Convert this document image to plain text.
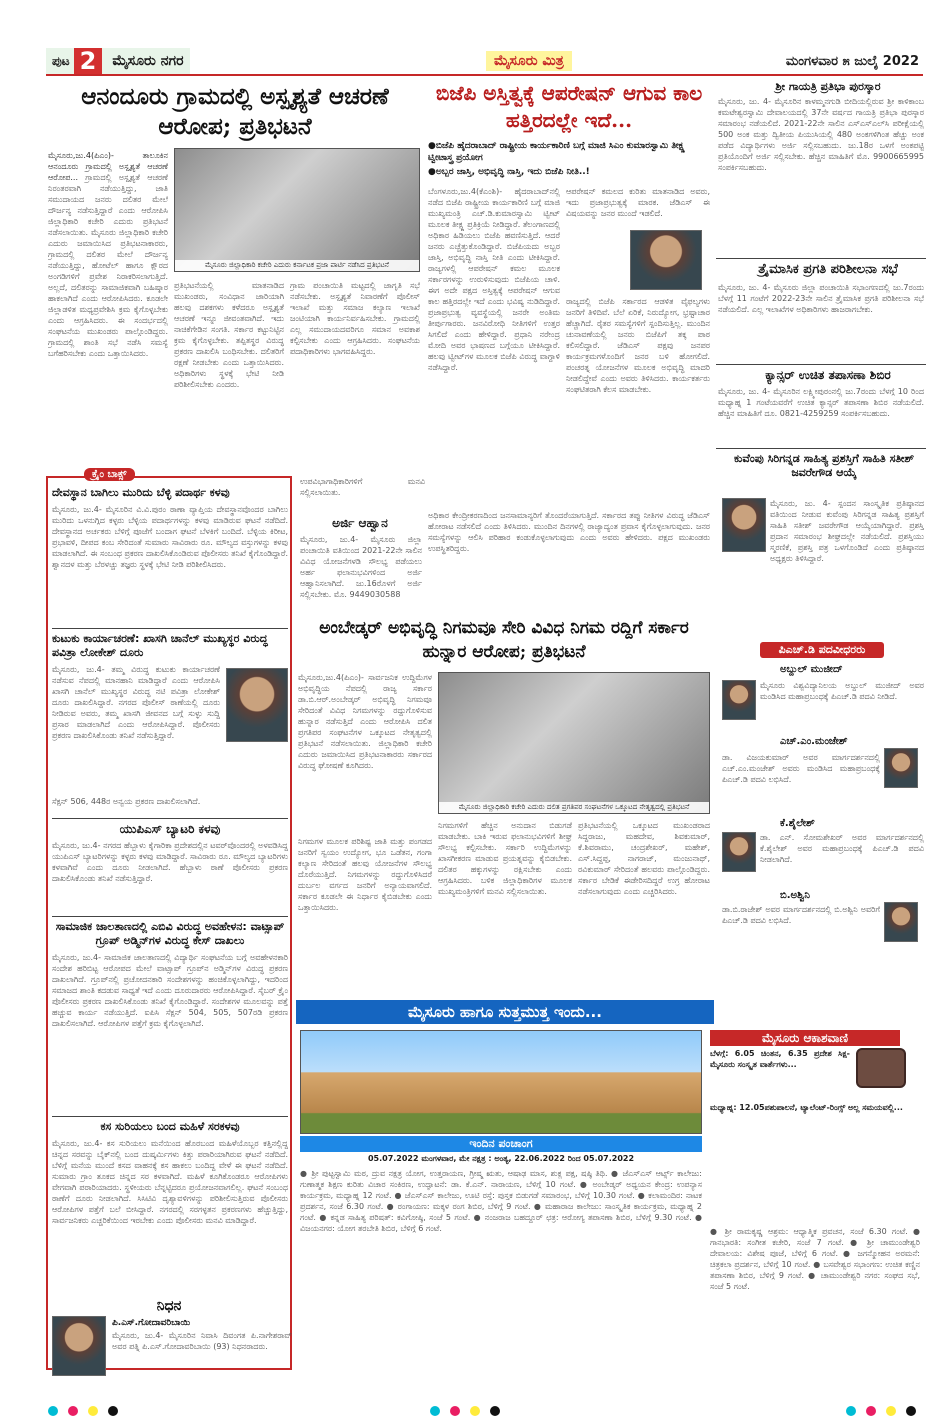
ಪುಟ 2	ಮೈಸೂರು ನಗರ	ಮೈಸೂರು ಮಿತ್ರ	ಮಂಗಳವಾರ ೫ ಜುಲೈ 2022
ಆನಂದೂರು ಗ್ರಾಮದಲ್ಲಿ ಅಸ್ಪೃಶ್ಯತೆ ಆಚರಣೆ ಆರೋಪ; ಪ್ರತಿಭಟನೆ
ಮೈಸೂರು,ಜು.4(ಪಿಎಂ)- ತಾಲೂಕಿನ ಆನಂದೂರು ಗ್ರಾಮದಲ್ಲಿ ಅಸ್ಪೃಶ್ಯತೆ ಆಚರಣೆ ಆರೋಪ... ಗ್ರಾಮದಲ್ಲಿ ಅಸ್ಪೃಶ್ಯತೆ ಆಚರಣೆ ನಿರಂತರವಾಗಿ ನಡೆಯುತ್ತಿದ್ದು, ಜಾತಿ ಸಮುದಾಯದ ಜನರು ದಲಿತರ ಮೇಲೆ ದೌರ್ಜನ್ಯ ನಡೆಸುತ್ತಿದ್ದಾರೆ ಎಂದು ಆರೋಪಿಸಿ ಜಿಲ್ಲಾಧಿಕಾರಿ ಕಚೇರಿ ಎದುರು ಪ್ರತಿಭಟನೆ ನಡೆಸಲಾಯಿತು. ಮೈಸೂರು ಜಿಲ್ಲಾಧಿಕಾರಿ ಕಚೇರಿ ಎದುರು ಜಮಾಯಿಸಿದ ಪ್ರತಿಭಟನಾಕಾರರು, ಗ್ರಾಮದಲ್ಲಿ ದಲಿತರ ಮೇಲೆ ದೌರ್ಜನ್ಯ ನಡೆಯುತ್ತಿದ್ದು, ಹೋಟೆಲ್ ಹಾಗೂ ಕ್ಷೌರದ ಅಂಗಡಿಗಳಿಗೆ ಪ್ರವೇಶ ನಿರಾಕರಿಸಲಾಗುತ್ತಿದೆ. ಅಲ್ಲದೆ, ದಲಿತರನ್ನು ಸಾಮಾಜಿಕವಾಗಿ ಬಹಿಷ್ಕಾರ ಹಾಕಲಾಗಿದೆ ಎಂದು ಆರೋಪಿಸಿದರು. ಕೂಡಲೇ ಜಿಲ್ಲಾಡಳಿತ ಮಧ್ಯಪ್ರವೇಶಿಸಿ ಕ್ರಮ ಕೈಗೊಳ್ಳಬೇಕು ಎಂದು ಆಗ್ರಹಿಸಿದರು. ಈ ಸಂದರ್ಭದಲ್ಲಿ ಸಂಘಟನೆಯ ಮುಖಂಡರು ಪಾಲ್ಗೊಂಡಿದ್ದರು. ಗ್ರಾಮದಲ್ಲಿ ಶಾಂತಿ ಸಭೆ ನಡೆಸಿ ಸಮಸ್ಯೆ ಬಗೆಹರಿಸಬೇಕು ಎಂದು ಒತ್ತಾಯಿಸಿದರು.
ಮೈಸೂರು ಜಿಲ್ಲಾಧಿಕಾರಿ ಕಚೇರಿ ಎದುರು ಕರ್ನಾಟಕ ಪ್ರಜಾ ಪಾರ್ಟಿ ನಡೆಸಿದ ಪ್ರತಿಭಟನೆ
ಪ್ರತಿಭಟನೆಯಲ್ಲಿ ಮಾತನಾಡಿದ ಮುಖಂಡರು, ಸಂವಿಧಾನ ಜಾರಿಯಾಗಿ ಹಲವು ದಶಕಗಳು ಕಳೆದರೂ ಅಸ್ಪೃಶ್ಯತೆ ಆಚರಣೆ ಇನ್ನೂ ಜೀವಂತವಾಗಿದೆ. ಇದು ನಾಚಿಕೆಗೇಡಿನ ಸಂಗತಿ. ಸರ್ಕಾರ ಕಟ್ಟುನಿಟ್ಟಿನ ಕ್ರಮ ಕೈಗೊಳ್ಳಬೇಕು. ತಪ್ಪಿತಸ್ಥರ ವಿರುದ್ಧ ಪ್ರಕರಣ ದಾಖಲಿಸಿ ಬಂಧಿಸಬೇಕು. ದಲಿತರಿಗೆ ರಕ್ಷಣೆ ನೀಡಬೇಕು ಎಂದು ಒತ್ತಾಯಿಸಿದರು. ಅಧಿಕಾರಿಗಳು ಸ್ಥಳಕ್ಕೆ ಭೇಟಿ ನೀಡಿ ಪರಿಶೀಲಿಸಬೇಕು ಎಂದರು.
ಗ್ರಾಮ ಪಂಚಾಯಿತಿ ಮಟ್ಟದಲ್ಲಿ ಜಾಗೃತಿ ಸಭೆ ನಡೆಸಬೇಕು. ಅಸ್ಪೃಶ್ಯತೆ ನಿವಾರಣೆಗೆ ಪೊಲೀಸ್ ಇಲಾಖೆ ಮತ್ತು ಸಮಾಜ ಕಲ್ಯಾಣ ಇಲಾಖೆ ಜಂಟಿಯಾಗಿ ಕಾರ್ಯನಿರ್ವಹಿಸಬೇಕು. ಗ್ರಾಮದಲ್ಲಿ ಎಲ್ಲ ಸಮುದಾಯದವರಿಗೂ ಸಮಾನ ಅವಕಾಶ ಕಲ್ಪಿಸಬೇಕು ಎಂದು ಆಗ್ರಹಿಸಿದರು. ಸಂಘಟನೆಯ ಪದಾಧಿಕಾರಿಗಳು ಭಾಗವಹಿಸಿದ್ದರು.
ಬಿಜೆಪಿ ಅಸ್ತಿತ್ವಕ್ಕೆ ಆಪರೇಷನ್ ಆಗುವ ಕಾಲ ಹತ್ತಿರದಲ್ಲೇ ಇದೆ...
●ಬಿಜೆಪಿ ಹೈದರಾಬಾದ್ ರಾಷ್ಟ್ರೀಯ ಕಾರ್ಯಕಾರಿಣಿ ಬಗ್ಗೆ ಮಾಜಿ ಸಿಎಂ ಕುಮಾರಸ್ವಾಮಿ ತೀಕ್ಷ್ಣ ಟ್ವೀಟಾಸ್ತ್ರ ಪ್ರಯೋಗ
●ಅಬ್ಬರ ಜಾಸ್ತಿ, ಅಭಿವೃದ್ಧಿ ನಾಸ್ತಿ, ಇದು ಬಿಜೆಪಿ ನೀತಿ..!
ಬೆಂಗಳೂರು,ಜು.4(ಕೆಎಂಶಿ)- ಹೈದರಾಬಾದ್‌ನಲ್ಲಿ ನಡೆದ ಬಿಜೆಪಿ ರಾಷ್ಟ್ರೀಯ ಕಾರ್ಯಕಾರಿಣಿ ಬಗ್ಗೆ ಮಾಜಿ ಮುಖ್ಯಮಂತ್ರಿ ಎಚ್.ಡಿ.ಕುಮಾರಸ್ವಾಮಿ ಟ್ವೀಟ್ ಮೂಲಕ ತೀಕ್ಷ್ಣ ಪ್ರತಿಕ್ರಿಯೆ ನೀಡಿದ್ದಾರೆ. ತೆಲಂಗಾಣದಲ್ಲಿ ಅಧಿಕಾರ ಹಿಡಿಯಲು ಬಿಜೆಪಿ ಹವಣಿಸುತ್ತಿದೆ. ಆದರೆ ಜನರು ಎಚ್ಚೆತ್ತುಕೊಂಡಿದ್ದಾರೆ. ಬಿಜೆಪಿಯದು ಅಬ್ಬರ ಜಾಸ್ತಿ, ಅಭಿವೃದ್ಧಿ ನಾಸ್ತಿ ನೀತಿ ಎಂದು ಟೀಕಿಸಿದ್ದಾರೆ. ರಾಜ್ಯಗಳಲ್ಲಿ ಆಪರೇಷನ್ ಕಮಲ ಮೂಲಕ ಸರ್ಕಾರಗಳನ್ನು ಉರುಳಿಸುವುದು ಬಿಜೆಪಿಯ ಚಾಳಿ. ಈಗ ಅದೇ ಪಕ್ಷದ ಅಸ್ತಿತ್ವಕ್ಕೆ ಆಪರೇಷನ್ ಆಗುವ ಕಾಲ ಹತ್ತಿರದಲ್ಲೇ ಇದೆ ಎಂದು ಭವಿಷ್ಯ ನುಡಿದಿದ್ದಾರೆ. ಪ್ರಜಾಪ್ರಭುತ್ವ ವ್ಯವಸ್ಥೆಯಲ್ಲಿ ಜನರೇ ಅಂತಿಮ ತೀರ್ಪುಗಾರರು. ಜನವಿರೋಧಿ ನೀತಿಗಳಿಗೆ ಉತ್ತರ ಸಿಗಲಿದೆ ಎಂದು ಹೇಳಿದ್ದಾರೆ. ಪ್ರಧಾನಿ ನರೇಂದ್ರ ಮೋದಿ ಅವರ ಭಾಷಣದ ಬಗ್ಗೆಯೂ ಟೀಕಿಸಿದ್ದಾರೆ. ಹಲವು ಟ್ವೀಟ್‌ಗಳ ಮೂಲಕ ಬಿಜೆಪಿ ವಿರುದ್ಧ ವಾಗ್ದಾಳಿ ನಡೆಸಿದ್ದಾರೆ.
ಆಪರೇಷನ್ ಕಮಲದ ಕುರಿತು ಮಾತನಾಡಿದ ಅವರು, ಇದು ಪ್ರಜಾಪ್ರಭುತ್ವಕ್ಕೆ ಮಾರಕ. ಜೆಡಿಎಸ್ ಈ ವಿಷಯವನ್ನು ಜನರ ಮುಂದೆ ಇಡಲಿದೆ.
ರಾಜ್ಯದಲ್ಲಿ ಬಿಜೆಪಿ ಸರ್ಕಾರದ ಆಡಳಿತ ವೈಫಲ್ಯಗಳು ಜನರಿಗೆ ತಿಳಿದಿವೆ. ಬೆಲೆ ಏರಿಕೆ, ನಿರುದ್ಯೋಗ, ಭ್ರಷ್ಟಾಚಾರ ಹೆಚ್ಚಾಗಿದೆ. ರೈತರ ಸಮಸ್ಯೆಗಳಿಗೆ ಸ್ಪಂದಿಸುತ್ತಿಲ್ಲ. ಮುಂದಿನ ಚುನಾವಣೆಯಲ್ಲಿ ಜನರು ಬಿಜೆಪಿಗೆ ತಕ್ಕ ಪಾಠ ಕಲಿಸಲಿದ್ದಾರೆ. ಜೆಡಿಎಸ್ ಪಕ್ಷವು ಜನಪರ ಕಾರ್ಯಕ್ರಮಗಳೊಂದಿಗೆ ಜನರ ಬಳಿ ಹೋಗಲಿದೆ. ಪಂಚರತ್ನ ಯೋಜನೆಗಳ ಮೂಲಕ ಅಭಿವೃದ್ಧಿ ಮಾದರಿ ನೀಡಲಿದ್ದೇವೆ ಎಂದು ಅವರು ತಿಳಿಸಿದರು. ಕಾರ್ಯಕರ್ತರು ಸಂಘಟಿತರಾಗಿ ಕೆಲಸ ಮಾಡಬೇಕು.
ಶ್ರೀ ಗಾಯತ್ರಿ ಪ್ರತಿಭಾ ಪುರಸ್ಕಾರ
ಮೈಸೂರು, ಜು. 4- ಮೈಸೂರಿನ ಕಾಳಮ್ಮನಗುಡಿ ಬೀದಿಯಲ್ಲಿರುವ ಶ್ರೀ ಕಾಳಿಕಾಂಬ ಕಮಟೇಶ್ವರಸ್ವಾಮಿ ದೇವಾಲಯದಲ್ಲಿ 37ನೇ ವರ್ಷದ ಗಾಯತ್ರಿ ಪ್ರತಿಭಾ ಪುರಸ್ಕಾರ ಸಮಾರಂಭ ನಡೆಯಲಿದೆ. 2021-22ನೇ ಸಾಲಿನ ಎಸ್‌ಎಸ್‌ಎಲ್‌ಸಿ ಪರೀಕ್ಷೆಯಲ್ಲಿ 500 ಅಂಕ ಮತ್ತು ದ್ವಿತೀಯ ಪಿಯುಸಿಯಲ್ಲಿ 480 ಅಂಕಗಳಿಗಿಂತ ಹೆಚ್ಚು ಅಂಕ ಪಡೆದ ವಿದ್ಯಾರ್ಥಿಗಳು ಅರ್ಜಿ ಸಲ್ಲಿಸಬಹುದು. ಜು.18ರ ಒಳಗೆ ಅಂಕಪಟ್ಟಿ ಪ್ರತಿಯೊಂದಿಗೆ ಅರ್ಜಿ ಸಲ್ಲಿಸಬೇಕು. ಹೆಚ್ಚಿನ ಮಾಹಿತಿಗೆ ಮೊ. 9900665995 ಸಂಪರ್ಕಿಸಬಹುದು.
ತ್ರೈಮಾಸಿಕ ಪ್ರಗತಿ ಪರಿಶೀಲನಾ ಸಭೆ
ಮೈಸೂರು, ಜು. 4- ಮೈಸೂರು ಜಿಲ್ಲಾ ಪಂಚಾಯಿತಿ ಸಭಾಂಗಣದಲ್ಲಿ ಜು.7ರಂದು ಬೆಳಗ್ಗೆ 11 ಗಂಟೆಗೆ 2022-23ನೇ ಸಾಲಿನ ತ್ರೈಮಾಸಿಕ ಪ್ರಗತಿ ಪರಿಶೀಲನಾ ಸಭೆ ನಡೆಯಲಿದೆ. ಎಲ್ಲ ಇಲಾಖೆಗಳ ಅಧಿಕಾರಿಗಳು ಹಾಜರಾಗಬೇಕು.
ಕ್ಯಾನ್ಸರ್ ಉಚಿತ ತಪಾಸಣಾ ಶಿಬಿರ
ಮೈಸೂರು, ಜು. 4- ಮೈಸೂರಿನ ಲಕ್ಷ್ಮೀಪುರಂನಲ್ಲಿ ಜು.7ರಂದು ಬೆಳಗ್ಗೆ 10 ರಿಂದ ಮಧ್ಯಾಹ್ನ 1 ಗಂಟೆಯವರೆಗೆ ಉಚಿತ ಕ್ಯಾನ್ಸರ್ ತಪಾಸಣಾ ಶಿಬಿರ ನಡೆಯಲಿದೆ. ಹೆಚ್ಚಿನ ಮಾಹಿತಿಗೆ ದೂ. 0821-4259259 ಸಂಪರ್ಕಿಸಬಹುದು.
ಕುವೆಂಪು ಸಿರಿಗನ್ನಡ ಸಾಹಿತ್ಯ ಪ್ರಶಸ್ತಿಗೆ ಸಾಹಿತಿ ಸತೀಶ್ ಜವರೇಗೌಡ ಆಯ್ಕೆ
ಮೈಸೂರು, ಜು. 4- ಸ್ಪಂದನ ಸಾಂಸ್ಕೃತಿಕ ಪ್ರತಿಷ್ಠಾನದ ವತಿಯಿಂದ ನೀಡುವ ಕುವೆಂಪು ಸಿರಿಗನ್ನಡ ಸಾಹಿತ್ಯ ಪ್ರಶಸ್ತಿಗೆ ಸಾಹಿತಿ ಸತೀಶ್ ಜವರೇಗೌಡ ಆಯ್ಕೆಯಾಗಿದ್ದಾರೆ. ಪ್ರಶಸ್ತಿ ಪ್ರದಾನ ಸಮಾರಂಭ ಶೀಘ್ರದಲ್ಲೇ ನಡೆಯಲಿದೆ. ಪ್ರಶಸ್ತಿಯು ಸ್ಮರಣಿಕೆ, ಪ್ರಶಸ್ತಿ ಪತ್ರ ಒಳಗೊಂಡಿದೆ ಎಂದು ಪ್ರತಿಷ್ಠಾನದ ಅಧ್ಯಕ್ಷರು ತಿಳಿಸಿದ್ದಾರೆ.
ಪಿಎಚ್.ಡಿ ಪದವೀಧರರು
ಅಬ್ದುಲ್ ಮುಜೀದ್
ಮೈಸೂರು ವಿಶ್ವವಿದ್ಯಾನಿಲಯ ಅಬ್ದುಲ್ ಮುಜೀದ್ ಅವರ ಮಂಡಿಸಿದ ಮಹಾಪ್ರಬಂಧಕ್ಕೆ ಪಿಎಚ್.ಡಿ ಪದವಿ ನೀಡಿದೆ.
ಎಚ್.ಎಂ.ಮಂಜೇಶ್
ಡಾ. ವಿಜಯಕುಮಾರ್ ಅವರ ಮಾರ್ಗದರ್ಶನದಲ್ಲಿ ಎಚ್.ಎಂ.ಮಂಜೇಶ್ ಅವರು ಮಂಡಿಸಿದ ಮಹಾಪ್ರಬಂಧಕ್ಕೆ ಪಿಎಚ್.ಡಿ ಪದವಿ ಲಭಿಸಿದೆ.
ಕೆ.ಶೈಲೇಶ್
ಡಾ. ಎನ್. ಸೋಮಶೇಖರ್ ಅವರ ಮಾರ್ಗದರ್ಶನದಲ್ಲಿ ಕೆ.ಶೈಲೇಶ್ ಅವರ ಮಹಾಪ್ರಬಂಧಕ್ಕೆ ಪಿಎಚ್.ಡಿ ಪದವಿ ನೀಡಲಾಗಿದೆ.
ಬಿ.ಅಶ್ವಿನಿ
ಡಾ.ಬಿ.ರಾಜೇಶ್ ಅವರ ಮಾರ್ಗದರ್ಶನದಲ್ಲಿ ಬಿ.ಅಶ್ವಿನಿ ಅವರಿಗೆ ಪಿಎಚ್.ಡಿ ಪದವಿ ಲಭಿಸಿದೆ.
ಕ್ರೈಂ ಬಾಕ್ಸ್
ದೇವಸ್ಥಾನ ಬಾಗಿಲು ಮುರಿದು ಬೆಳ್ಳಿ ಪದಾರ್ಥ ಕಳವು
ಮೈಸೂರು, ಜು.4- ಮೈಸೂರಿನ ವಿ.ವಿ.ಪುರಂ ಠಾಣಾ ವ್ಯಾಪ್ತಿಯ ದೇವಸ್ಥಾನವೊಂದರ ಬಾಗಿಲು ಮುರಿದು ಒಳನುಗ್ಗಿದ ಕಳ್ಳರು ಬೆಳ್ಳಿಯ ಪದಾರ್ಥಗಳನ್ನು ಕಳವು ಮಾಡಿರುವ ಘಟನೆ ನಡೆದಿದೆ. ದೇವಸ್ಥಾನದ ಅರ್ಚಕರು ಬೆಳಿಗ್ಗೆ ಪೂಜೆಗೆ ಬಂದಾಗ ಘಟನೆ ಬೆಳಕಿಗೆ ಬಂದಿದೆ. ಬೆಳ್ಳಿಯ ಕಿರೀಟ, ಪ್ರಭಾವಳಿ, ದೀಪದ ಕಂಬ ಸೇರಿದಂತೆ ಸುಮಾರು ಸಾವಿರಾರು ರೂ. ಮೌಲ್ಯದ ವಸ್ತುಗಳನ್ನು ಕಳವು ಮಾಡಲಾಗಿದೆ. ಈ ಸಂಬಂಧ ಪ್ರಕರಣ ದಾಖಲಿಸಿಕೊಂಡಿರುವ ಪೊಲೀಸರು ತನಿಖೆ ಕೈಗೊಂಡಿದ್ದಾರೆ. ಶ್ವಾನದಳ ಮತ್ತು ಬೆರಳಚ್ಚು ತಜ್ಞರು ಸ್ಥಳಕ್ಕೆ ಭೇಟಿ ನೀಡಿ ಪರಿಶೀಲಿಸಿದರು.
ಕುಟುಕು ಕಾರ್ಯಾಚರಣೆ: ಖಾಸಗಿ ಚಾನೆಲ್ ಮುಖ್ಯಸ್ಥರ ವಿರುದ್ಧ ಪವಿತ್ರಾ ಲೋಕೇಶ್ ದೂರು
ಮೈಸೂರು, ಜು.4- ತಮ್ಮ ವಿರುದ್ಧ ಕುಟುಕು ಕಾರ್ಯಾಚರಣೆ ನಡೆಸುವ ನೆಪದಲ್ಲಿ ಮಾನಹಾನಿ ಮಾಡಿದ್ದಾರೆ ಎಂದು ಆರೋಪಿಸಿ ಖಾಸಗಿ ಚಾನೆಲ್ ಮುಖ್ಯಸ್ಥರ ವಿರುದ್ಧ ನಟಿ ಪವಿತ್ರಾ ಲೋಕೇಶ್ ದೂರು ದಾಖಲಿಸಿದ್ದಾರೆ. ನಗರದ ಪೊಲೀಸ್ ಠಾಣೆಯಲ್ಲಿ ದೂರು ನೀಡಿರುವ ಅವರು, ತಮ್ಮ ಖಾಸಗಿ ಜೀವನದ ಬಗ್ಗೆ ಸುಳ್ಳು ಸುದ್ದಿ ಪ್ರಸಾರ ಮಾಡಲಾಗಿದೆ ಎಂದು ಆರೋಪಿಸಿದ್ದಾರೆ. ಪೊಲೀಸರು ಪ್ರಕರಣ ದಾಖಲಿಸಿಕೊಂಡು ತನಿಖೆ ನಡೆಸುತ್ತಿದ್ದಾರೆ.
ಸೆಕ್ಷನ್ 506, 448ರ ಅನ್ವಯ ಪ್ರಕರಣ ದಾಖಲಿಸಲಾಗಿದೆ.
ಯುಪಿಎಸ್ ಬ್ಯಾಟರಿ ಕಳವು
ಮೈಸೂರು, ಜು.4- ನಗರದ ಹೆಬ್ಬಾಳು ಕೈಗಾರಿಕಾ ಪ್ರದೇಶದಲ್ಲಿನ ಟವರ್‌ವೊಂದರಲ್ಲಿ ಅಳವಡಿಸಿದ್ದ ಯುಪಿಎಸ್ ಬ್ಯಾಟರಿಗಳನ್ನು ಕಳ್ಳರು ಕಳವು ಮಾಡಿದ್ದಾರೆ. ಸಾವಿರಾರು ರೂ. ಮೌಲ್ಯದ ಬ್ಯಾಟರಿಗಳು ಕಳವಾಗಿವೆ ಎಂದು ದೂರು ನೀಡಲಾಗಿದೆ. ಹೆಬ್ಬಾಳು ಠಾಣೆ ಪೊಲೀಸರು ಪ್ರಕರಣ ದಾಖಲಿಸಿಕೊಂಡು ತನಿಖೆ ನಡೆಸುತ್ತಿದ್ದಾರೆ.
ಸಾಮಾಜಿಕ ಜಾಲತಾಣದಲ್ಲಿ ಎಬಿವಿ ವಿರುದ್ಧ ಅವಹೇಳನ: ವಾಟ್ಸಾಪ್ ಗ್ರೂಪ್ ಅಡ್ಮಿನ್‌ಗಳ ವಿರುದ್ಧ ಕೇಸ್ ದಾಖಲು
ಮೈಸೂರು, ಜು.4- ಸಾಮಾಜಿಕ ಜಾಲತಾಣದಲ್ಲಿ ವಿದ್ಯಾರ್ಥಿ ಸಂಘಟನೆಯ ಬಗ್ಗೆ ಅವಹೇಳನಕಾರಿ ಸಂದೇಶ ಹರಿಬಿಟ್ಟ ಆರೋಪದ ಮೇಲೆ ವಾಟ್ಸಾಪ್ ಗ್ರೂಪ್‌ನ ಅಡ್ಮಿನ್‌ಗಳ ವಿರುದ್ಧ ಪ್ರಕರಣ ದಾಖಲಾಗಿದೆ. ಗ್ರೂಪ್‌ನಲ್ಲಿ ಪ್ರಚೋದನಕಾರಿ ಸಂದೇಶಗಳನ್ನು ಹಂಚಿಕೊಳ್ಳಲಾಗಿದ್ದು, ಇದರಿಂದ ಸಮಾಜದ ಶಾಂತಿ ಕದಡುವ ಸಾಧ್ಯತೆ ಇದೆ ಎಂದು ದೂರುದಾರರು ಆರೋಪಿಸಿದ್ದಾರೆ. ಸೈಬರ್ ಕ್ರೈಂ ಪೊಲೀಸರು ಪ್ರಕರಣ ದಾಖಲಿಸಿಕೊಂಡು ತನಿಖೆ ಕೈಗೊಂಡಿದ್ದಾರೆ. ಸಂದೇಶಗಳ ಮೂಲವನ್ನು ಪತ್ತೆ ಹಚ್ಚುವ ಕಾರ್ಯ ನಡೆಯುತ್ತಿದೆ. ಐಪಿಸಿ ಸೆಕ್ಷನ್ 504, 505, 507ರಡಿ ಪ್ರಕರಣ ದಾಖಲಿಸಲಾಗಿದೆ. ಆರೋಪಿಗಳ ಪತ್ತೆಗೆ ಕ್ರಮ ಕೈಗೊಳ್ಳಲಾಗಿದೆ.
ಕಸ ಸುರಿಯಲು ಬಂದ ಮಹಿಳೆ ಸರಕಳವು
ಮೈಸೂರು, ಜು.4- ಕಸ ಸುರಿಯಲು ಮನೆಯಿಂದ ಹೊರಬಂದ ಮಹಿಳೆಯೊಬ್ಬರ ಕತ್ತಿನಲ್ಲಿದ್ದ ಚಿನ್ನದ ಸರವನ್ನು ಬೈಕ್‌ನಲ್ಲಿ ಬಂದ ದುಷ್ಕರ್ಮಿಗಳು ಕಿತ್ತು ಪರಾರಿಯಾಗಿರುವ ಘಟನೆ ನಡೆದಿದೆ. ಬೆಳಿಗ್ಗೆ ಮನೆಯ ಮುಂದೆ ಕಸದ ವಾಹನಕ್ಕೆ ಕಸ ಹಾಕಲು ಬಂದಿದ್ದ ವೇಳೆ ಈ ಘಟನೆ ನಡೆದಿದೆ. ಸುಮಾರು ಗ್ರಾಂ ತೂಕದ ಚಿನ್ನದ ಸರ ಕಳವಾಗಿದೆ. ಮಹಿಳೆ ಕೂಗಿಕೊಂಡರೂ ಆರೋಪಿಗಳು ವೇಗವಾಗಿ ಪರಾರಿಯಾದರು. ಸ್ಥಳೀಯರು ಬೆನ್ನಟ್ಟಿದರೂ ಪ್ರಯೋಜನವಾಗಲಿಲ್ಲ. ಘಟನೆ ಸಂಬಂಧ ಠಾಣೆಗೆ ದೂರು ನೀಡಲಾಗಿದೆ. ಸಿಸಿಟಿವಿ ದೃಶ್ಯಾವಳಿಗಳನ್ನು ಪರಿಶೀಲಿಸುತ್ತಿರುವ ಪೊಲೀಸರು ಆರೋಪಿಗಳ ಪತ್ತೆಗೆ ಬಲೆ ಬೀಸಿದ್ದಾರೆ. ನಗರದಲ್ಲಿ ಸರಗಳ್ಳತನ ಪ್ರಕರಣಗಳು ಹೆಚ್ಚುತ್ತಿದ್ದು, ಸಾರ್ವಜನಿಕರು ಎಚ್ಚರಿಕೆಯಿಂದ ಇರಬೇಕು ಎಂದು ಪೊಲೀಸರು ಮನವಿ ಮಾಡಿದ್ದಾರೆ.
ಉಪವಿಭಾಗಾಧಿಕಾರಿಗಳಿಗೆ ಮನವಿ ಸಲ್ಲಿಸಲಾಯಿತು.
ಅರ್ಜಿ ಆಹ್ವಾನ
ಮೈಸೂರು, ಜು.4- ಮೈಸೂರು ಜಿಲ್ಲಾ ಪಂಚಾಯಿತಿ ವತಿಯಿಂದ 2021-22ನೇ ಸಾಲಿನ ವಿವಿಧ ಯೋಜನೆಗಳಡಿ ಸೌಲಭ್ಯ ಪಡೆಯಲು ಅರ್ಹ ಫಲಾನುಭವಿಗಳಿಂದ ಅರ್ಜಿ ಆಹ್ವಾನಿಸಲಾಗಿದೆ. ಜು.16ರೊಳಗೆ ಅರ್ಜಿ ಸಲ್ಲಿಸಬೇಕು. ಮೊ. 9449030588
ಅಧಿಕಾರ ಕೇಂದ್ರೀಕರಣದಿಂದ ಜನಸಾಮಾನ್ಯರಿಗೆ ತೊಂದರೆಯಾಗುತ್ತಿದೆ. ಸರ್ಕಾರದ ತಪ್ಪು ನೀತಿಗಳ ವಿರುದ್ಧ ಜೆಡಿಎಸ್ ಹೋರಾಟ ನಡೆಸಲಿದೆ ಎಂದು ತಿಳಿಸಿದರು. ಮುಂದಿನ ದಿನಗಳಲ್ಲಿ ರಾಜ್ಯಾದ್ಯಂತ ಪ್ರವಾಸ ಕೈಗೊಳ್ಳಲಾಗುವುದು. ಜನರ ಸಮಸ್ಯೆಗಳನ್ನು ಆಲಿಸಿ ಪರಿಹಾರ ಕಂಡುಕೊಳ್ಳಲಾಗುವುದು ಎಂದು ಅವರು ಹೇಳಿದರು. ಪಕ್ಷದ ಮುಖಂಡರು ಉಪಸ್ಥಿತರಿದ್ದರು.
ಅಂಬೇಡ್ಕರ್ ಅಭಿವೃದ್ಧಿ ನಿಗಮವೂ ಸೇರಿ ವಿವಿಧ ನಿಗಮ ರದ್ದಿಗೆ ಸರ್ಕಾರ ಹುನ್ನಾರ ಆರೋಪ; ಪ್ರತಿಭಟನೆ
ಮೈಸೂರು,ಜು.4(ಪಿಎಂ)- ಸಾರ್ವಜನಿಕ ಉದ್ದಿಮೆಗಳ ಅಭಿವೃದ್ಧಿಯ ನೆಪದಲ್ಲಿ ರಾಜ್ಯ ಸರ್ಕಾರ ಡಾ.ಬಿ.ಆರ್.ಅಂಬೇಡ್ಕರ್ ಅಭಿವೃದ್ಧಿ ನಿಗಮವೂ ಸೇರಿದಂತೆ ವಿವಿಧ ನಿಗಮಗಳನ್ನು ರದ್ದುಗೊಳಿಸುವ ಹುನ್ನಾರ ನಡೆಸುತ್ತಿದೆ ಎಂದು ಆರೋಪಿಸಿ ದಲಿತ ಪ್ರಗತಿಪರ ಸಂಘಟನೆಗಳ ಒಕ್ಕೂಟದ ನೇತೃತ್ವದಲ್ಲಿ ಪ್ರತಿಭಟನೆ ನಡೆಸಲಾಯಿತು. ಜಿಲ್ಲಾಧಿಕಾರಿ ಕಚೇರಿ ಎದುರು ಜಮಾಯಿಸಿದ ಪ್ರತಿಭಟನಾಕಾರರು ಸರ್ಕಾರದ ವಿರುದ್ಧ ಘೋಷಣೆ ಕೂಗಿದರು.
ಮೈಸೂರು ಜಿಲ್ಲಾಧಿಕಾರಿ ಕಚೇರಿ ಎದುರು ದಲಿತ ಪ್ರಗತಿಪರ ಸಂಘಟನೆಗಳ ಒಕ್ಕೂಟದ ನೇತೃತ್ವದಲ್ಲಿ ಪ್ರತಿಭಟನೆ
ನಿಗಮಗಳ ಮೂಲಕ ಪರಿಶಿಷ್ಟ ಜಾತಿ ಮತ್ತು ಪಂಗಡದ ಜನರಿಗೆ ಸ್ವಯಂ ಉದ್ಯೋಗ, ಭೂ ಒಡೆತನ, ಗಂಗಾ ಕಲ್ಯಾಣ ಸೇರಿದಂತೆ ಹಲವು ಯೋಜನೆಗಳ ಸೌಲಭ್ಯ ದೊರೆಯುತ್ತಿದೆ. ನಿಗಮಗಳನ್ನು ರದ್ದುಗೊಳಿಸಿದರೆ ದುರ್ಬಲ ವರ್ಗದ ಜನರಿಗೆ ಅನ್ಯಾಯವಾಗಲಿದೆ. ಸರ್ಕಾರ ಕೂಡಲೇ ಈ ನಿರ್ಧಾರ ಕೈಬಿಡಬೇಕು ಎಂದು ಒತ್ತಾಯಿಸಿದರು.
ನಿಗಮಗಳಿಗೆ ಹೆಚ್ಚಿನ ಅನುದಾನ ಬಿಡುಗಡೆ ಮಾಡಬೇಕು. ಬಾಕಿ ಇರುವ ಫಲಾನುಭವಿಗಳಿಗೆ ಶೀಘ್ರ ಸೌಲಭ್ಯ ಕಲ್ಪಿಸಬೇಕು. ಸರ್ಕಾರಿ ಉದ್ದಿಮೆಗಳನ್ನು ಖಾಸಗೀಕರಣ ಮಾಡುವ ಪ್ರಯತ್ನವನ್ನು ಕೈಬಿಡಬೇಕು. ದಲಿತರ ಹಕ್ಕುಗಳನ್ನು ರಕ್ಷಿಸಬೇಕು ಎಂದು ಆಗ್ರಹಿಸಿದರು. ಬಳಿಕ ಜಿಲ್ಲಾಧಿಕಾರಿಗಳ ಮೂಲಕ ಮುಖ್ಯಮಂತ್ರಿಗಳಿಗೆ ಮನವಿ ಸಲ್ಲಿಸಲಾಯಿತು.
ಪ್ರತಿಭಟನೆಯಲ್ಲಿ ಒಕ್ಕೂಟದ ಮುಖಂಡರಾದ ಸಿದ್ದರಾಜು, ಮಹದೇವ, ಶಿವಕುಮಾರ್, ಕೆ.ಶಿವರಾಮು, ಚಂದ್ರಶೇಖರ್, ಮಹೇಶ್, ಎಸ್.ಸಿದ್ದಪ್ಪ, ನಾಗರಾಜ್, ಮಂಜುನಾಥ್, ರವಿಕುಮಾರ್ ಸೇರಿದಂತೆ ಹಲವರು ಪಾಲ್ಗೊಂಡಿದ್ದರು. ಸರ್ಕಾರ ಬೇಡಿಕೆ ಈಡೇರಿಸದಿದ್ದರೆ ಉಗ್ರ ಹೋರಾಟ ನಡೆಸಲಾಗುವುದು ಎಂದು ಎಚ್ಚರಿಸಿದರು.
ಮೈಸೂರು ಹಾಗೂ ಸುತ್ತಮುತ್ತ ಇಂದು...
ಇಂದಿನ ಪಂಚಾಂಗ
05.07.2022 ಮಂಗಳವಾರ, ಮೇ ನಕ್ಷತ್ರ : ಅಂತ್ಯ, 22.06.2022 ರಿಂದ 05.07.2022
● ಶ್ರೀ ಪುಟ್ಟಸ್ವಾಮಿ ಮಠ, ದ್ರುವ ನಕ್ಷತ್ರ ಯೋಗ, ಉತ್ತರಾಯಣ, ಗ್ರೀಷ್ಮ ಋತು, ಆಷಾಢ ಮಾಸ, ಶುಕ್ಲ ಪಕ್ಷ, ಷಷ್ಠಿ ತಿಥಿ. ● ಜೆಎಸ್‌ಎಸ್ ಆರ್ಟ್ಸ್ ಕಾಲೇಜು: ಗುಣಾತ್ಮಕ ಶಿಕ್ಷಣ ಕುರಿತು ವಿಚಾರ ಸಂಕಿರಣ, ಉದ್ಘಾಟನೆ: ಡಾ. ಕೆ.ಎನ್. ನಾರಾಯಣ, ಬೆಳಿಗ್ಗೆ 10 ಗಂಟೆ. ● ಅಂಬೇಡ್ಕರ್ ಅಧ್ಯಯನ ಕೇಂದ್ರ: ಉಪನ್ಯಾಸ ಕಾರ್ಯಕ್ರಮ, ಮಧ್ಯಾಹ್ನ 12 ಗಂಟೆ. ● ಜೆಎಸ್‌ಎಸ್ ಕಾಲೇಜು, ಊಟಿ ರಸ್ತೆ: ಪುಸ್ತಕ ಬಿಡುಗಡೆ ಸಮಾರಂಭ, ಬೆಳಿಗ್ಗೆ 10.30 ಗಂಟೆ. ● ಕಲಾಮಂದಿರ: ನಾಟಕ ಪ್ರದರ್ಶನ, ಸಂಜೆ 6.30 ಗಂಟೆ. ● ರಂಗಾಯಣ: ಮಕ್ಕಳ ರಂಗ ಶಿಬಿರ, ಬೆಳಿಗ್ಗೆ 9 ಗಂಟೆ. ● ಮಹಾರಾಜ ಕಾಲೇಜು: ಸಾಂಸ್ಕೃತಿಕ ಕಾರ್ಯಕ್ರಮ, ಮಧ್ಯಾಹ್ನ 2 ಗಂಟೆ. ● ಕನ್ನಡ ಸಾಹಿತ್ಯ ಪರಿಷತ್: ಕವಿಗೋಷ್ಠಿ, ಸಂಜೆ 5 ಗಂಟೆ. ● ನಂಜರಾಜ ಬಹದ್ದೂರ್ ಛತ್ರ: ಆರೋಗ್ಯ ತಪಾಸಣಾ ಶಿಬಿರ, ಬೆಳಿಗ್ಗೆ 9.30 ಗಂಟೆ. ● ವಿಜಯನಗರ: ಯೋಗ ತರಬೇತಿ ಶಿಬಿರ, ಬೆಳಿಗ್ಗೆ 6 ಗಂಟೆ.
ಮೈಸೂರು ಆಕಾಶವಾಣಿ
ಬೆಳಗ್ಗೆ: 6.05 ಚಿಂತನ, 6.35 ಪ್ರದೇಶ ಸಿಕ್ಷ-ಮೈಸೂರು ಸಂಸ್ಕೃತ ವಾರ್ತೆಗಳು...
ಮಧ್ಯಾಹ್ನ: 12.05ಪಶುಪಾಲನೆ, ಟ್ಯಾಲೆಂಟ್-ರಿಂಗ್ಸ್ ಅಲ್ಲ ಸಮಯವಲ್ಲಿ...
● ಶ್ರೀ ರಾಮಕೃಷ್ಣ ಆಶ್ರಮ: ಆಧ್ಯಾತ್ಮಿಕ ಪ್ರವಚನ, ಸಂಜೆ 6.30 ಗಂಟೆ. ● ಗಾನಭಾರತಿ: ಸಂಗೀತ ಕಚೇರಿ, ಸಂಜೆ 7 ಗಂಟೆ. ● ಶ್ರೀ ಚಾಮುಂಡೇಶ್ವರಿ ದೇವಾಲಯ: ವಿಶೇಷ ಪೂಜೆ, ಬೆಳಿಗ್ಗೆ 6 ಗಂಟೆ. ● ಜಗನ್ಮೋಹನ ಅರಮನೆ: ಚಿತ್ರಕಲಾ ಪ್ರದರ್ಶನ, ಬೆಳಿಗ್ಗೆ 10 ಗಂಟೆ. ● ಬಸವೇಶ್ವರ ಸಭಾಂಗಣ: ಉಚಿತ ಕಣ್ಣಿನ ತಪಾಸಣಾ ಶಿಬಿರ, ಬೆಳಿಗ್ಗೆ 9 ಗಂಟೆ. ● ಚಾಮುಂಡೇಶ್ವರಿ ನಗರ: ಸಂಘದ ಸಭೆ, ಸಂಜೆ 5 ಗಂಟೆ.
ನಿಧನ
ಪಿ.ಎಸ್.ಗೋದಾವರಿಬಾಯಿ
ಮೈಸೂರು, ಜು.4- ಮೈಸೂರಿನ ನಿವಾಸಿ ದಿವಂಗತ ಪಿ.ನಾಗೇಶರಾವ್ ಅವರ ಪತ್ನಿ ಪಿ.ಎಸ್.ಗೋದಾವರಿಬಾಯಿ (93) ನಿಧನರಾದರು.
